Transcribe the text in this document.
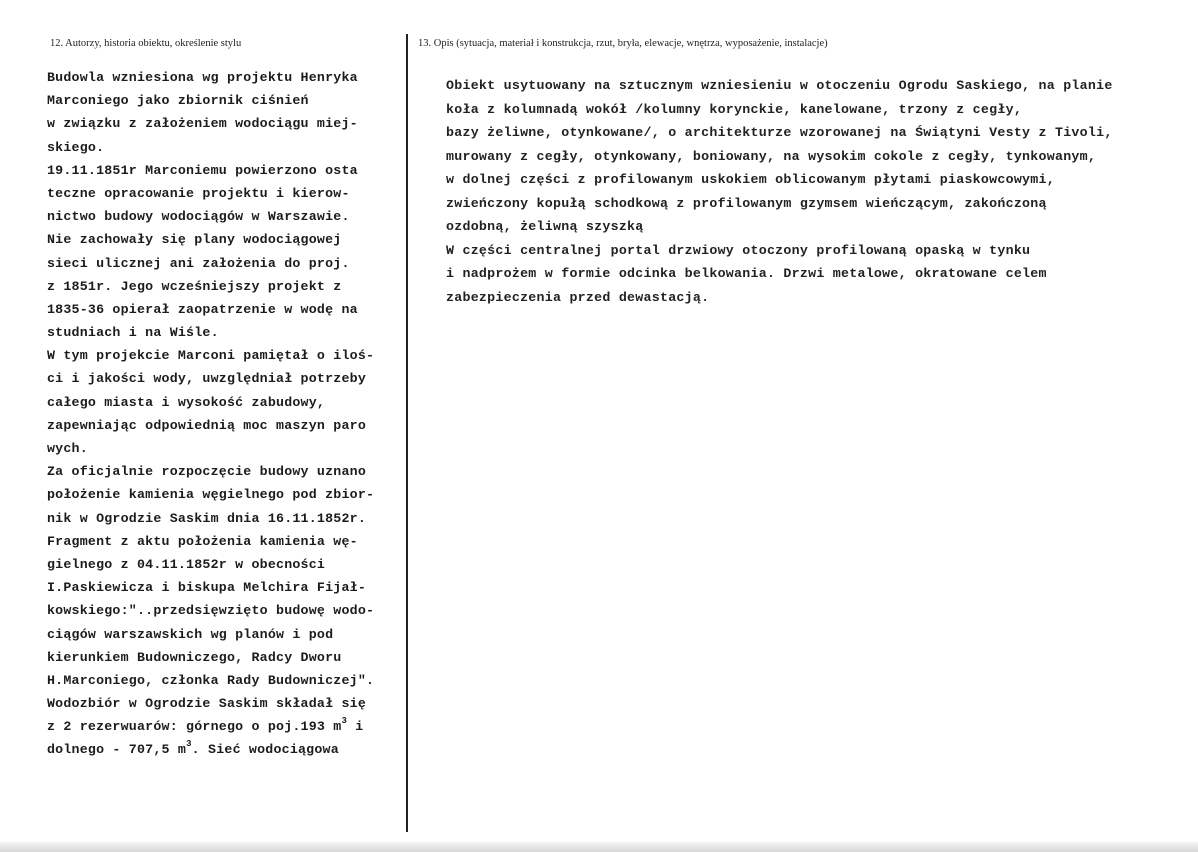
12. Autorzy, historia obiektu, określenie stylu	13. Opis (sytuacja, materiał i konstrukcja, rzut, bryła, elewacje, wnętrza, wyposażenie, instalacje)
Budowla wzniesiona wg projektu Henryka
Marconiego jako zbiornik ciśnień
w związku z założeniem wodociągu miej-
skiego.
19.11.1851r Marconiemu powierzono osta
teczne opracowanie projektu i kierow-
nictwo budowy wodociągów w Warszawie.
Nie zachowały się plany wodociągowej
sieci ulicznej ani założenia do proj.
z 1851r. Jego wcześniejszy projekt z
1835-36 opierał zaopatrzenie w wodę na
studniach i na Wiśle.
W tym projekcie Marconi pamiętał o iloś-
ci i jakości wody, uwzględniał potrzeby
całego miasta i wysokość zabudowy,
zapewniając odpowiednią moc maszyn paro
wych.
Za oficjalnie rozpoczęcie budowy uznano
położenie kamienia węgielnego pod zbior-
nik w Ogrodzie Saskim dnia 16.11.1852r.
Fragment z aktu położenia kamienia wę-
gielnego z 04.11.1852r w obecności
I.Paskiewicza i biskupa Melchira Fijał-
kowskiego:"..przedsięwzięto budowę wodo-
ciągów warszawskich wg planów i pod
kierunkiem Budowniczego, Radcy Dworu
H.Marconiego, członka Rady Budowniczej".
Wodozbiór w Ogrodzie Saskim składał się
z 2 rezerwuarów: górnego o poj.193 $m^3$ i
dolnego - 707,5 $m^3$. Sieć wodociągowa
Obiekt usytuowany na sztucznym wzniesieniu w otoczeniu Ogrodu Saskiego, na planie
koła z kolumnadą wokół /kolumny korynckie, kanelowane, trzony z cegły,
bazy żeliwne, otynkowane/, o architekturze wzorowanej na Świątyni Vesty z Tivoli,
murowany z cegły, otynkowany, boniowany, na wysokim cokole z cegły, tynkowanym,
w dolnej części z profilowanym uskokiem oblicowanym płytami piaskowcowymi,
zwieńczony kopułą schodkową z profilowanym gzymsem wieńczącym, zakończoną
ozdobną, żeliwną szyszką
W części centralnej portal drzwiowy otoczony profilowaną opaską w tynku
i nadprożem w formie odcinka belkowania. Drzwi metalowe, okratowane celem
zabezpieczenia przed dewastacją.
